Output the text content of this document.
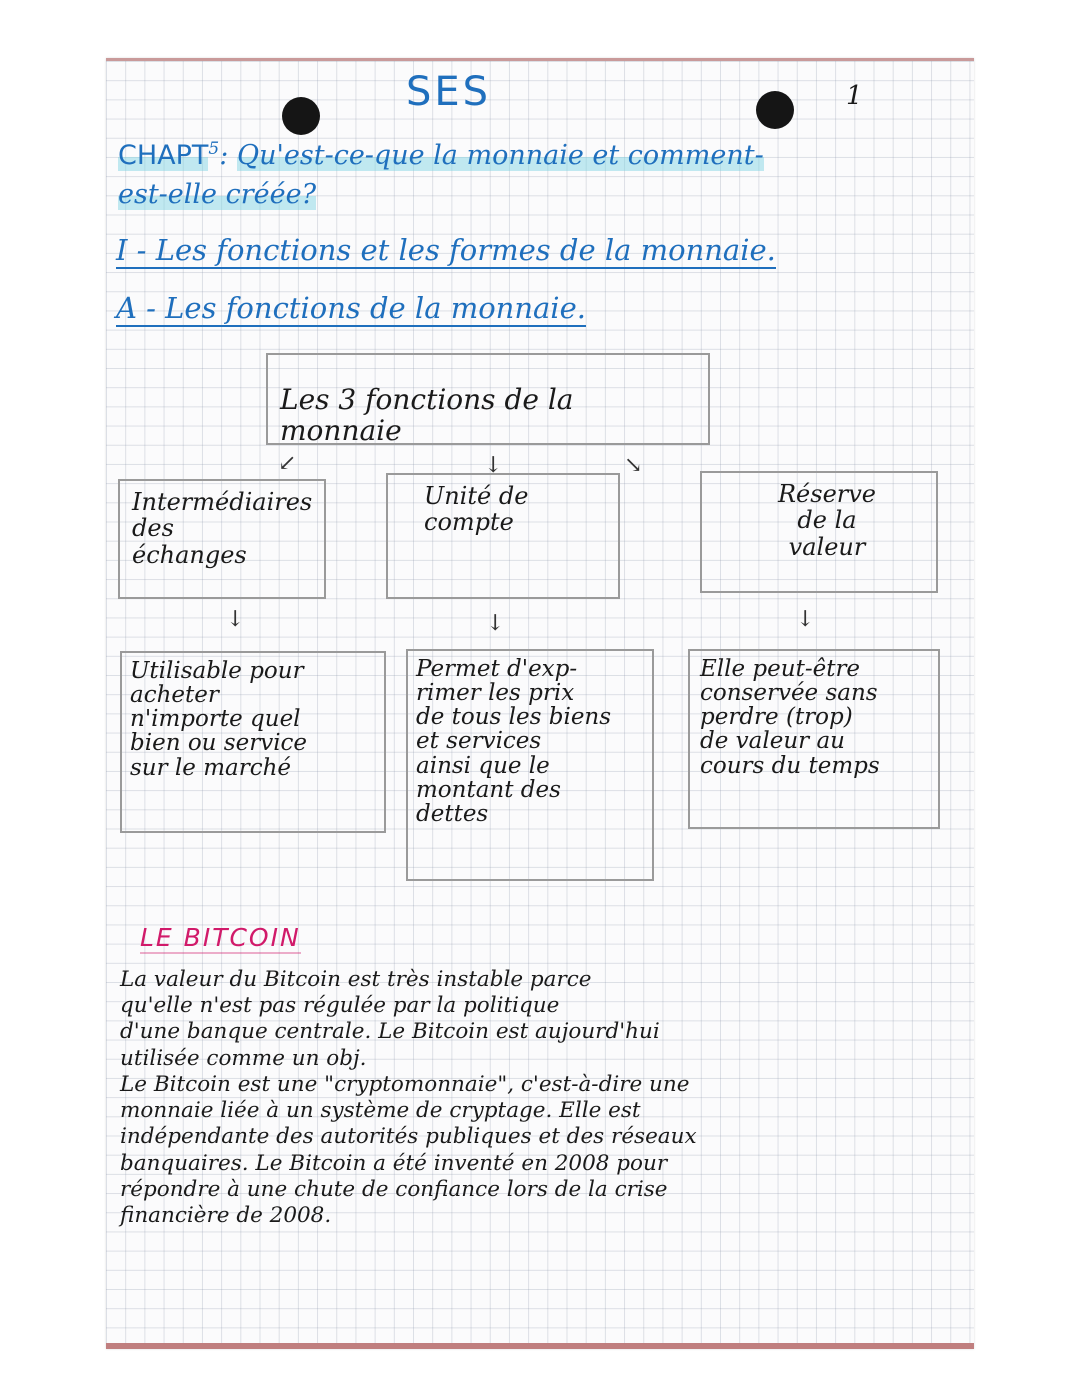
SES	1
CHAPT$^5$: Qu'est-ce-que la monnaie et comment-
est-elle créée?
I - Les fonctions et les formes de la monnaie.
A - Les fonctions de la monnaie.
Les 3 fonctions de la monnaie
↙	↓	↘

Intermédiaires

des

échanges

Unité de

compte

Réserve

de la

valeur

↓	↓	↓

Utilisable pour

acheter

n'importe quel

bien ou service

sur le marché

Permet d'exp-

rimer les prix

de tous les biens

et services

ainsi que le

montant des

dettes

Elle peut-être

conservée sans

perdre (trop)

de valeur au

cours du temps

LE BITCOIN

La valeur du Bitcoin est très instable parce

qu'elle n'est pas régulée par la politique

d'une banque centrale. Le Bitcoin est aujourd'hui

utilisée comme un obj.

Le Bitcoin est une "cryptomonnaie", c'est-à-dire une

monnaie liée à un système de cryptage. Elle est

indépendante des autorités publiques et des réseaux

banquaires. Le Bitcoin a été inventé en 2008 pour

répondre à une chute de confiance lors de la crise

financière de 2008.
